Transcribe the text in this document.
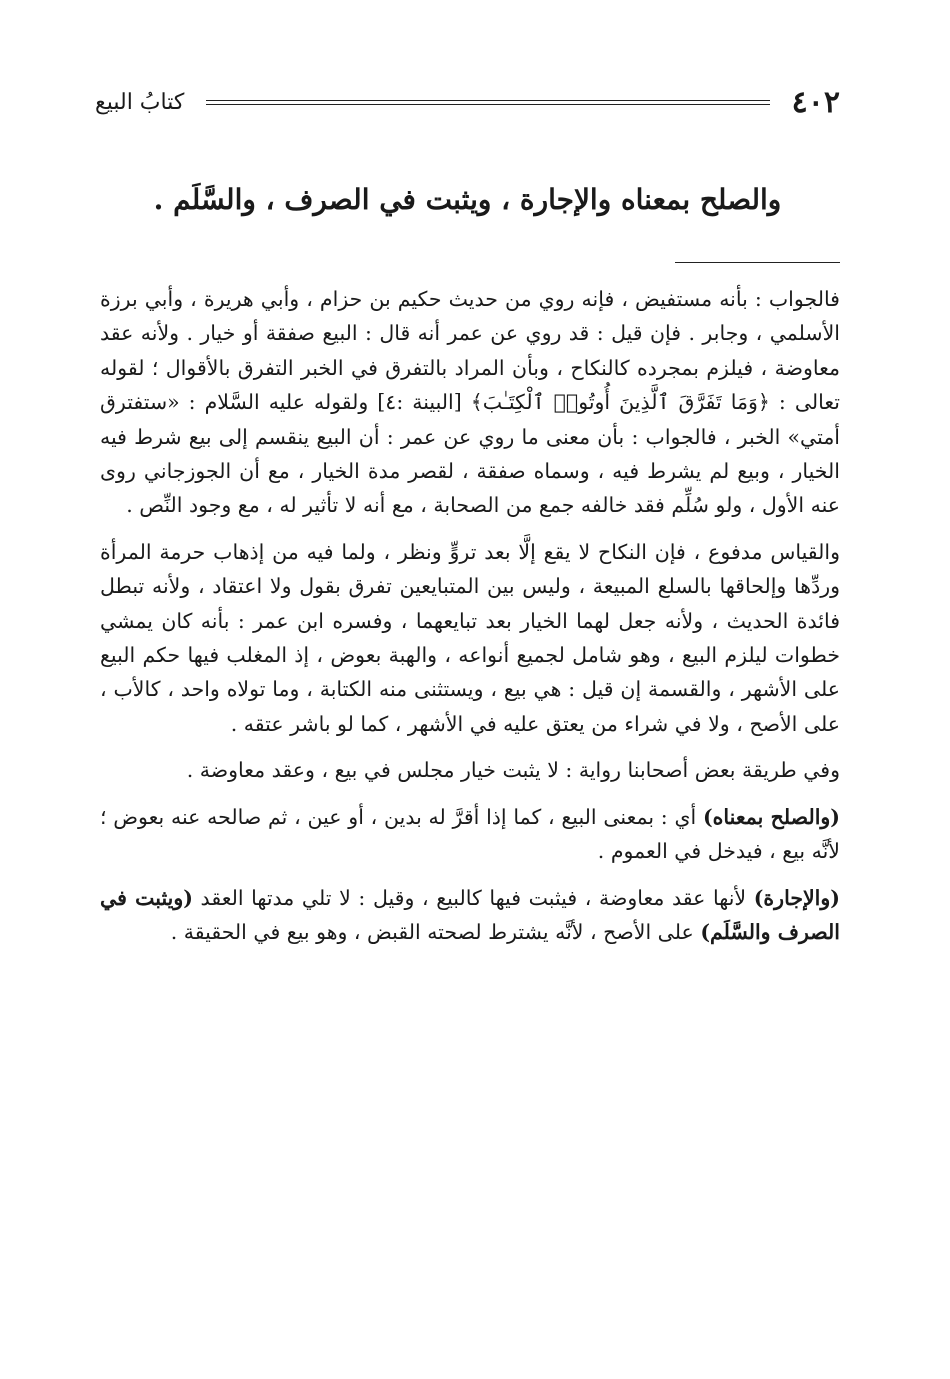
٤٠٢
كتابُ البيع
والصلح بمعناه والإجارة ، ويثبت في الصرف ، والسَّلَم .

فالجواب : بأنه مستفيض ، فإنه روي من حديث حكيم بن حزام ، وأبي هريرة ، وأبي برزة الأسلمي ، وجابر . فإن قيل : قد روي عن عمر أنه قال : البيع صفقة أو خيار . ولأنه عقد معاوضة ، فيلزم بمجرده كالنكاح ، وبأن المراد بالتفرق في الخبر التفرق بالأقوال ؛ لقوله تعالى : ﴿وَمَا تَفَرَّقَ ٱلَّذِينَ أُوتُوا۟ ٱلْكِتَـٰبَ﴾ [البينة :٤] ولقوله عليه السَّلام : «ستفترق أمتي» الخبر ، فالجواب : بأن معنى ما روي عن عمر : أن البيع ينقسم إلى بيع شرط فيه الخيار ، وبيع لم يشرط فيه ، وسماه صفقة ، لقصر مدة الخيار ، مع أن الجوزجاني روى عنه الأول ، ولو سُلِّم فقد خالفه جمع من الصحابة ، مع أنه لا تأثير له ، مع وجود النِّص .

والقياس مدفوع ، فإن النكاح لا يقع إلَّا بعد تروٍّ ونظر ، ولما فيه من إذهاب حرمة المرأة وردِّها وإلحاقها بالسلع المبيعة ، وليس بين المتبايعين تفرق بقول ولا اعتقاد ، ولأنه تبطل فائدة الحديث ، ولأنه جعل لهما الخيار بعد تبايعهما ، وفسره ابن عمر : بأنه كان يمشي خطوات ليلزم البيع ، وهو شامل لجميع أنواعه ، والهبة بعوض ، إذ المغلب فيها حكم البيع على الأشهر ، والقسمة إن قيل : هي بيع ، ويستثنى منه الكتابة ، وما تولاه واحد ، كالأب ، على الأصح ، ولا في شراء من يعتق عليه في الأشهر ، كما لو باشر عتقه .

وفي طريقة بعض أصحابنا رواية : لا يثبت خيار مجلس في بيع ، وعقد معاوضة .

(والصلح بمعناه) أي : بمعنى البيع ، كما إذا أقرَّ له بدين ، أو عين ، ثم صالحه عنه بعوض ؛ لأنَّه بيع ، فيدخل في العموم .

(والإجارة) لأنها عقد معاوضة ، فيثبت فيها كالبيع ، وقيل : لا تلي مدتها العقد (ويثبت في الصرف والسَّلَم) على الأصح ، لأنَّه يشترط لصحته القبض ، وهو بيع في الحقيقة .
